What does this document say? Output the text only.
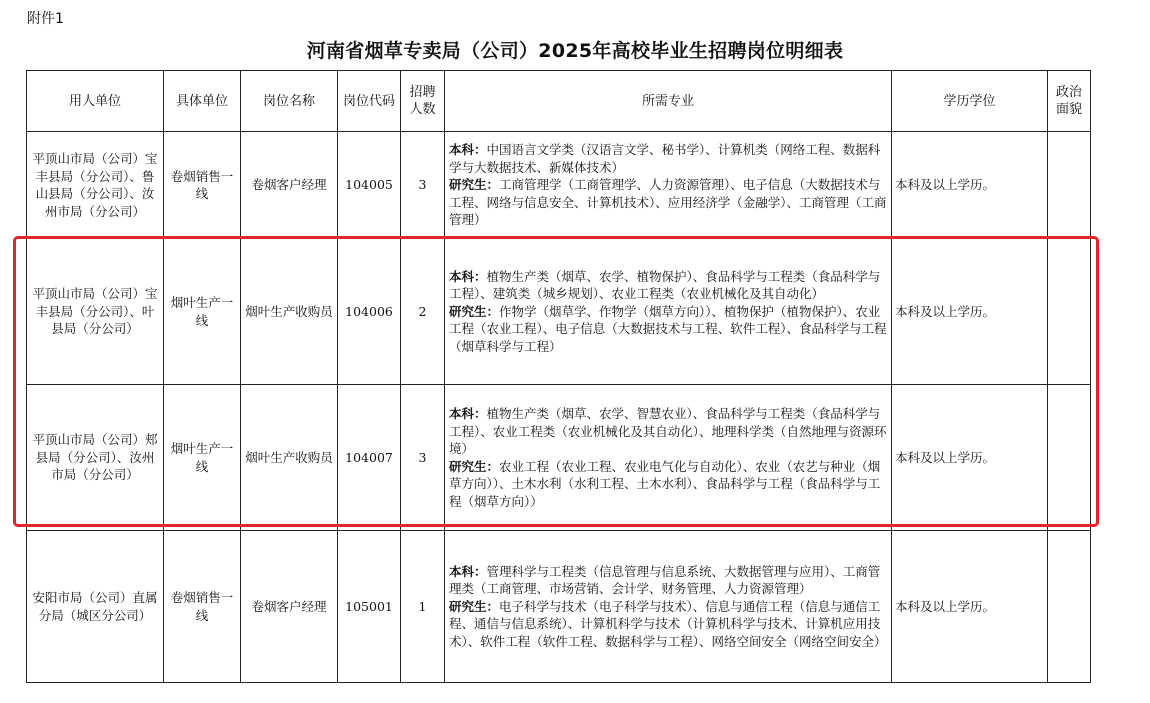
附件1
河南省烟草专卖局（公司）2025年高校毕业生招聘岗位明细表
用人单位	具体单位	岗位名称	岗位代码	招聘人数	所需专业	学历学位	政治面貌
平顶山市局（公司）宝丰县局（分公司）、鲁山县局（分公司）、汝州市局（分公司）	卷烟销售一线	卷烟客户经理	104005	3	本科：中国语言文学类（汉语言文学、秘书学）、计算机类（网络工程、数据科学与大数据技术、新媒体技术）
研究生：工商管理学（工商管理学、人力资源管理）、电子信息（大数据技术与工程、网络与信息安全、计算机技术）、应用经济学（金融学）、工商管理（工商管理）	本科及以上学历。	
平顶山市局（公司）宝丰县局（分公司）、叶县局（分公司）	烟叶生产一线	烟叶生产收购员	104006	2	本科：植物生产类（烟草、农学、植物保护）、食品科学与工程类（食品科学与工程）、建筑类（城乡规划）、农业工程类（农业机械化及其自动化）
研究生：作物学（烟草学、作物学（烟草方向））、植物保护（植物保护）、农业工程（农业工程）、电子信息（大数据技术与工程、软件工程）、食品科学与工程（烟草科学与工程）	本科及以上学历。	
平顶山市局（公司）郏县局（分公司）、汝州市局（分公司）	烟叶生产一线	烟叶生产收购员	104007	3	本科：植物生产类（烟草、农学、智慧农业）、食品科学与工程类（食品科学与工程）、农业工程类（农业机械化及其自动化）、地理科学类（自然地理与资源环境）
研究生：农业工程（农业工程、农业电气化与自动化）、农业（农艺与种业（烟草方向））、土木水利（水利工程、土木水利）、食品科学与工程（食品科学与工程（烟草方向））	本科及以上学历。	
安阳市局（公司）直属分局（城区分公司）	卷烟销售一线	卷烟客户经理	105001	1	本科：管理科学与工程类（信息管理与信息系统、大数据管理与应用）、工商管理类（工商管理、市场营销、会计学、财务管理、人力资源管理）
研究生：电子科学与技术（电子科学与技术）、信息与通信工程（信息与通信工程、通信与信息系统）、计算机科学与技术（计算机科学与技术、计算机应用技术）、软件工程（软件工程、数据科学与工程）、网络空间安全（网络空间安全）	本科及以上学历。	
